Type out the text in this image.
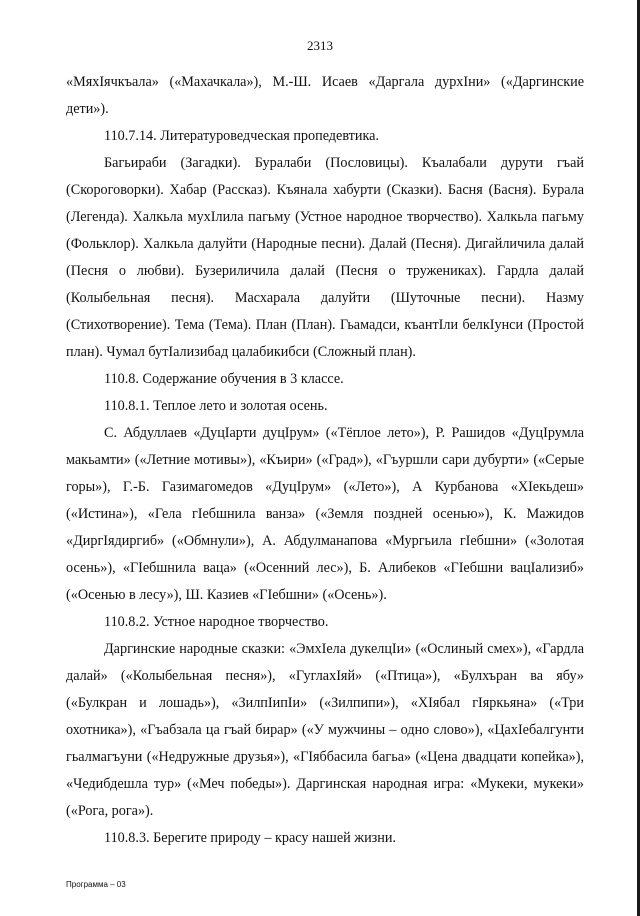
2313
«МяхIячкъала» («Махачкала»), М.-Ш. Исаев «Даргала дурхIни» («Даргинские
дети»).
110.7.14. Литературоведческая пропедевтика.
Багьираби (Загадки). Буралаби (Пословицы). Къалабали дурути гъай
(Скороговорки). Хабар (Рассказ). Къянала хабурти (Сказки). Басня (Басня). Бурала
(Легенда). Халкьла мухIлила пагьму (Устное народное творчество). Халкьла пагьму
(Фольклор). Халкьла далуйти (Народные песни). Далай (Песня). Дигайличила далай
(Песня о любви). Бузериличила далай (Песня о тружениках). Гардла далай
(Колыбельная песня). Масхарала далуйти (Шуточные песни). Назму
(Стихотворение). Тема (Тема). План (План). Гьамадси, къантIли белкIунси (Простой
план). Чумал бутIализибад цалабикибси (Сложный план).
110.8. Содержание обучения в 3 классе.
110.8.1. Теплое лето и золотая осень.
С. Абдуллаев «ДуцIарти дуцIрум» («Тёплое лето»), Р. Рашидов «ДуцIрумла
макьамти» («Летние мотивы»), «Къири» («Град»), «Гъуршли сари дубурти» («Серые
горы»), Г.-Б. Газимагомедов «ДуцIрум» («Лето»), А Курбанова «ХIекьдеш»
(«Истина»), «Гела гIебшнила ванза» («Земля поздней осенью»), К. Мажидов
«ДиргIядиргиб» («Обмнули»), А. Абдулманапова «Мургьила гIебшни» («Золотая
осень»), «ГIебшнила ваца» («Осенний лес»), Б. Алибеков «ГIебшни вацIализиб»
(«Осенью в лесу»), Ш. Казиев «ГIебшни» («Осень»).
110.8.2. Устное народное творчество.
Даргинские народные сказки: «ЭмхIела дукелцIи» («Ослиный смех»), «Гардла
далай» («Колыбельная песня»), «ГуглахIяй» («Птица»), «Булхъран ва ябу»
(«Булкран и лошадь»), «ЗилпIипIи» («Зилпипи»), «ХIябал гIяркьяна» («Три
охотника»), «Гъабзала ца гъай бирар» («У мужчины – одно слово»), «ЦахIебалгунти
гьалмагъуни («Недружные друзья»), «ГIяббасила багьа» («Цена двадцати копейка»),
«Чедибдешла тур» («Меч победы»). Даргинская народная игра: «Мукеки, мукеки»
(«Рога, рога»).
110.8.3. Берегите природу – красу нашей жизни.
Программа – 03
